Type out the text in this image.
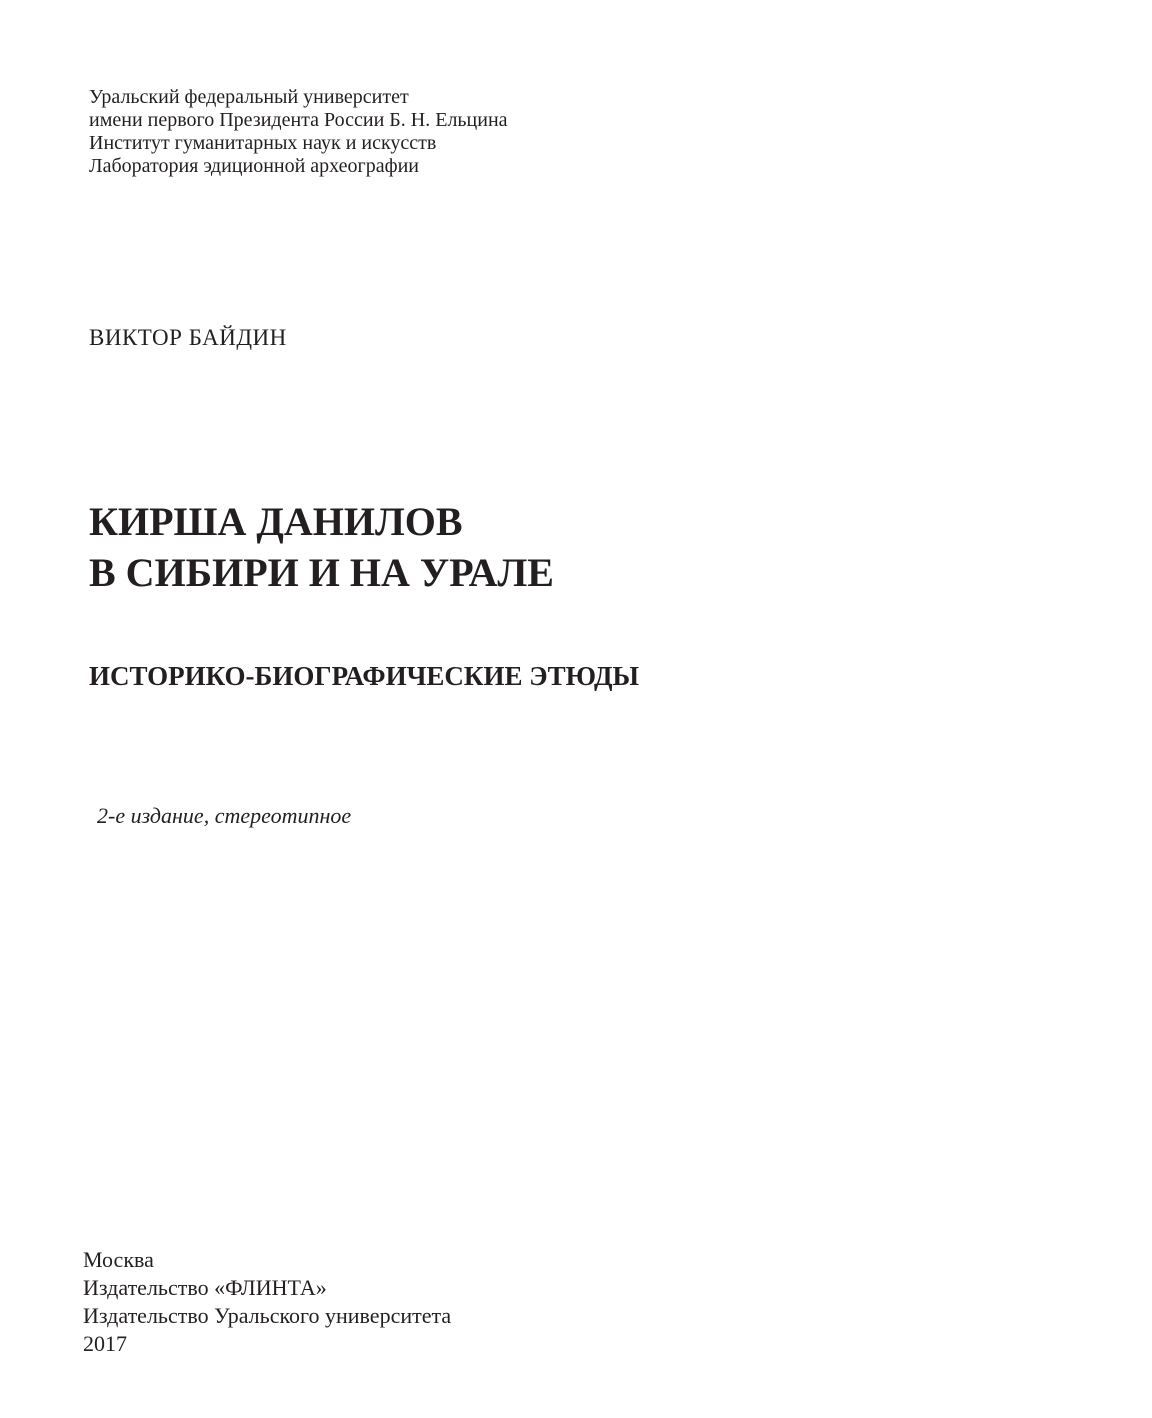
Уральский федеральный университет
имени первого Президента России Б. Н. Ельцина
Институт гуманитарных наук и искусств
Лаборатория эдиционной археографии

ВИКТОР БАЙДИН

КИРША ДАНИЛОВ
В СИБИРИ И НА УРАЛЕ
ИСТОРИКО-БИОГРАФИЧЕСКИЕ ЭТЮДЫ

2-е издание, стереотипное

Москва
Издательство «ФЛИНТА»
Издательство Уральского университета
2017
